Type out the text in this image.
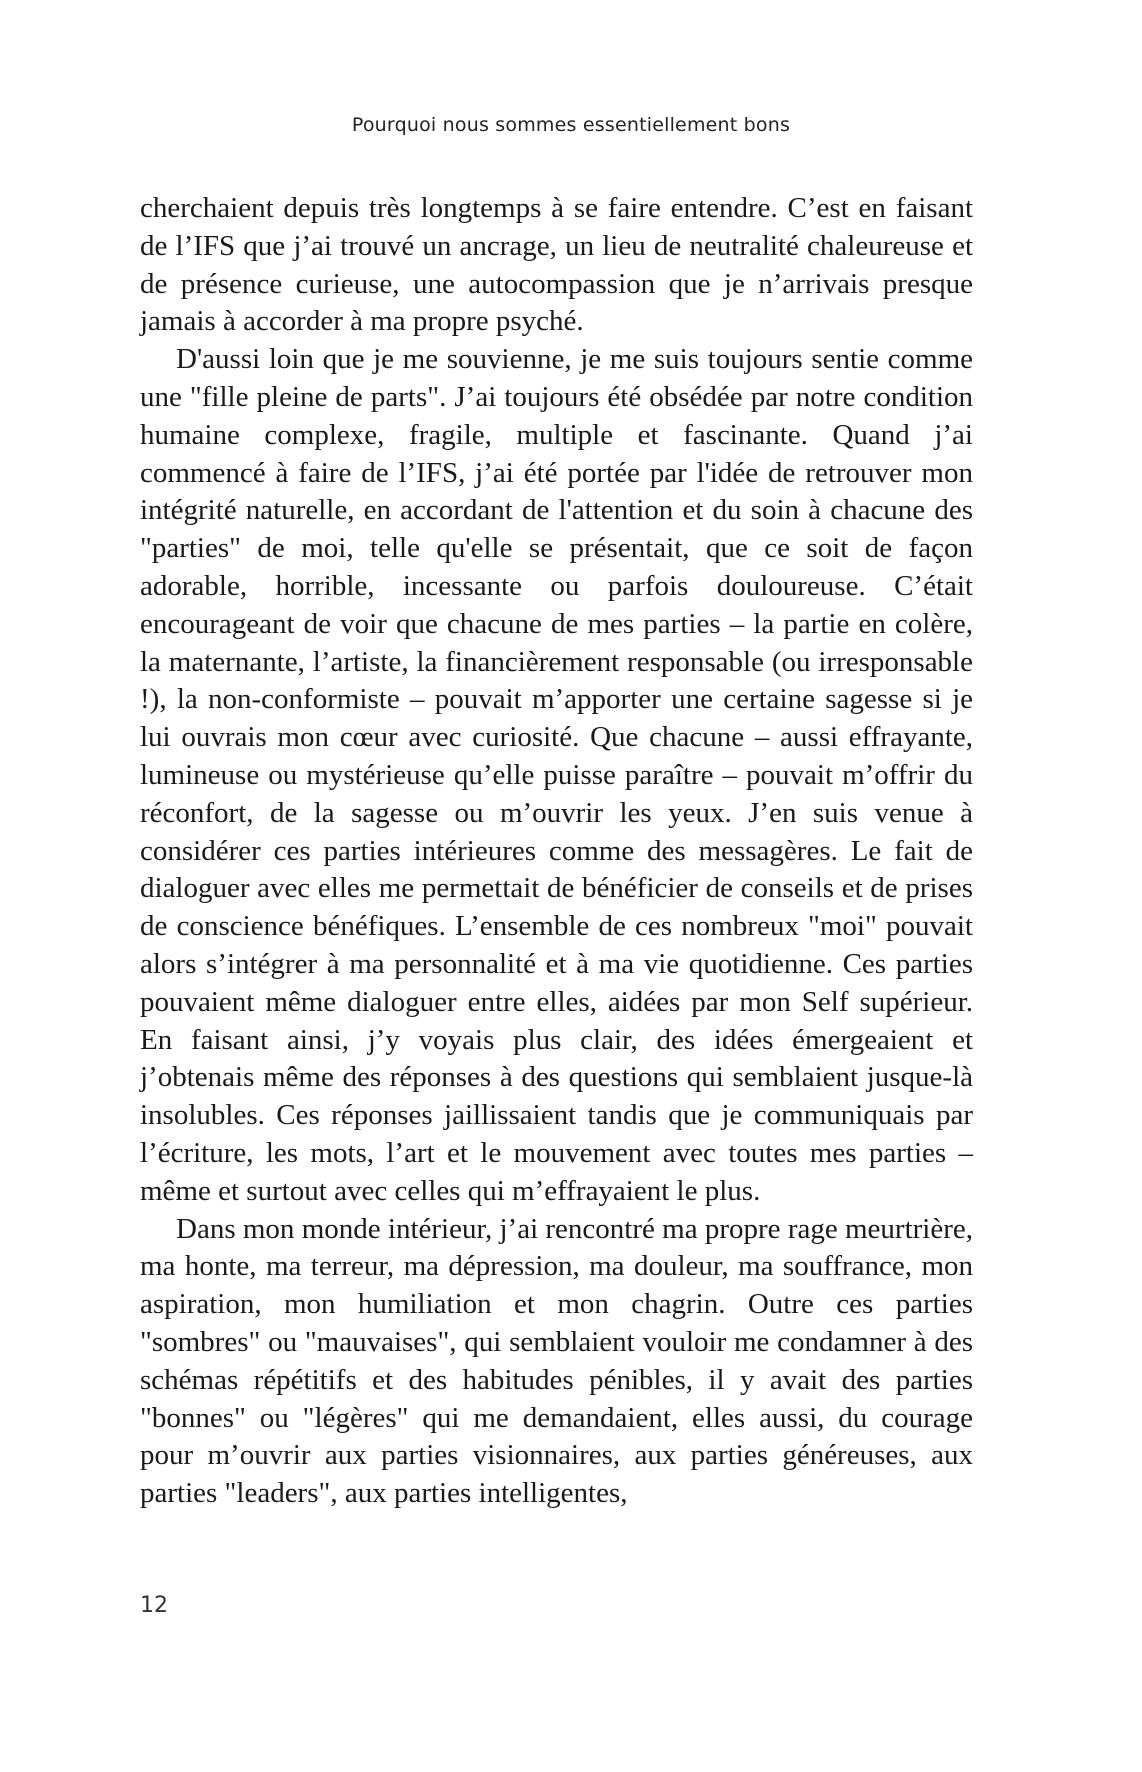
Pourquoi nous sommes essentiellement bons

cherchaient depuis très longtemps à se faire entendre. C’est en faisant de l’IFS que j’ai trouvé un ancrage, un lieu de neutralité chaleureuse et de présence curieuse, une autocompassion que je n’arrivais presque jamais à accorder à ma propre psyché.

D'aussi loin que je me souvienne, je me suis toujours sentie comme une "fille pleine de parts". J’ai toujours été obsédée par notre condition humaine complexe, fragile, multiple et fascinante. Quand j’ai commencé à faire de l’IFS, j’ai été portée par l'idée de retrouver mon intégrité naturelle, en accordant de l'attention et du soin à chacune des "parties" de moi, telle qu'elle se présentait, que ce soit de façon adorable, horrible, incessante ou parfois douloureuse. C’était encourageant de voir que chacune de mes parties – la partie en colère, la maternante, l’artiste, la financièrement responsable (ou irresponsable !), la non-conformiste – pouvait m’apporter une certaine sagesse si je lui ouvrais mon cœur avec curiosité. Que chacune – aussi effrayante, lumineuse ou mystérieuse qu’elle puisse paraître – pouvait m’offrir du réconfort, de la sagesse ou m’ouvrir les yeux. J’en suis venue à considérer ces parties intérieures comme des messagères. Le fait de dialoguer avec elles me permettait de bénéficier de conseils et de prises de conscience bénéfiques. L’ensemble de ces nombreux "moi" pouvait alors s’intégrer à ma personnalité et à ma vie quotidienne. Ces parties pouvaient même dialoguer entre elles, aidées par mon Self supérieur. En faisant ainsi, j’y voyais plus clair, des idées émergeaient et j’obtenais même des réponses à des questions qui semblaient jusque-là insolubles. Ces réponses jaillissaient tandis que je communiquais par l’écriture, les mots, l’art et le mouvement avec toutes mes parties – même et surtout avec celles qui m’effrayaient le plus.

Dans mon monde intérieur, j’ai rencontré ma propre rage meurtrière, ma honte, ma terreur, ma dépression, ma douleur, ma souffrance, mon aspiration, mon humiliation et mon chagrin. Outre ces parties "sombres" ou "mauvaises", qui semblaient vouloir me condamner à des schémas répétitifs et des habitudes pénibles, il y avait des parties "bonnes" ou "légères" qui me demandaient, elles aussi, du courage pour m’ouvrir aux parties visionnaires, aux parties généreuses, aux parties "leaders", aux parties intelligentes,

12
